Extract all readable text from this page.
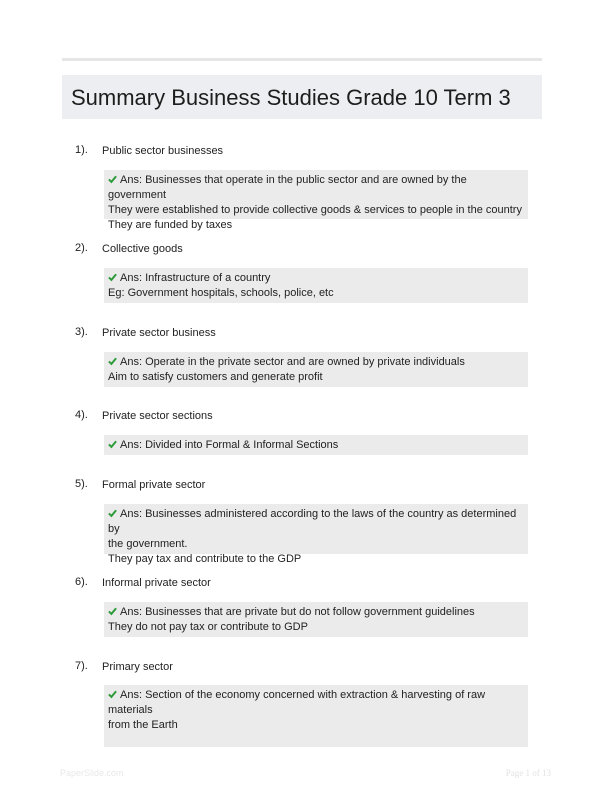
Summary Business Studies Grade 10 Term 3
1). Public sector businesses
Ans: Businesses that operate in the public sector and are owned by the government
They were established to provide collective goods & services to people in the country
They are funded by taxes
2). Collective goods
Ans: Infrastructure of a country
Eg: Government hospitals, schools, police, etc
3). Private sector business
Ans: Operate in the private sector and are owned by private individuals
Aim to satisfy customers and generate profit
4). Private sector sections
Ans: Divided into Formal & Informal Sections
5). Formal private sector
Ans: Businesses administered according to the laws of the country as determined by
the government.
They pay tax and contribute to the GDP
6). Informal private sector
Ans: Businesses that are private but do not follow government guidelines
They do not pay tax or contribute to GDP
7). Primary sector
Ans: Section of the economy concerned with extraction & harvesting of raw materials
from the Earth
PaperSlide.com	Page 1 of 13
